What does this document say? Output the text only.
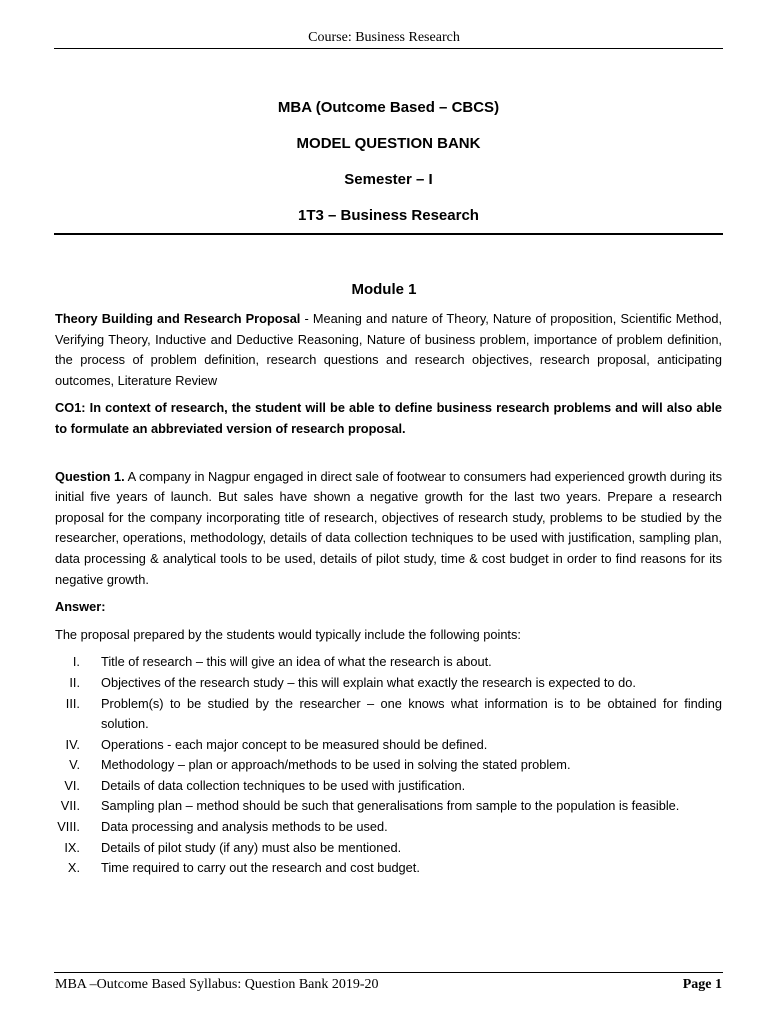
Course: Business Research
MBA (Outcome Based – CBCS)
MODEL QUESTION BANK
Semester – I
1T3 – Business Research
Module 1

Theory Building and Research Proposal - Meaning and nature of Theory, Nature of proposition, Scientific Method, Verifying Theory, Inductive and Deductive Reasoning, Nature of business problem, importance of problem definition, the process of problem definition, research questions and research objectives, research proposal, anticipating outcomes, Literature Review

CO1: In context of research, the student will be able to define business research problems and will also able to formulate an abbreviated version of research proposal.

Question 1. A company in Nagpur engaged in direct sale of footwear to consumers had experienced growth during its initial five years of launch. But sales have shown a negative growth for the last two years. Prepare a research proposal for the company incorporating title of research, objectives of research study, problems to be studied by the researcher, operations, methodology, details of data collection techniques to be used with justification, sampling plan, data processing & analytical tools to be used, details of pilot study, time & cost budget in order to find reasons for its negative growth.

Answer:

The proposal prepared by the students would typically include the following points:

I. Title of research – this will give an idea of what the research is about.
II. Objectives of the research study – this will explain what exactly the research is expected to do.
III. Problem(s) to be studied by the researcher – one knows what information is to be obtained for finding solution.
IV. Operations - each major concept to be measured should be defined.
V. Methodology – plan or approach/methods to be used in solving the stated problem.
VI. Details of data collection techniques to be used with justification.
VII. Sampling plan – method should be such that generalisations from sample to the population is feasible.
VIII. Data processing and analysis methods to be used.
IX. Details of pilot study (if any) must also be mentioned.
X. Time required to carry out the research and cost budget.
MBA –Outcome Based Syllabus: Question Bank 2019-20	Page 1
